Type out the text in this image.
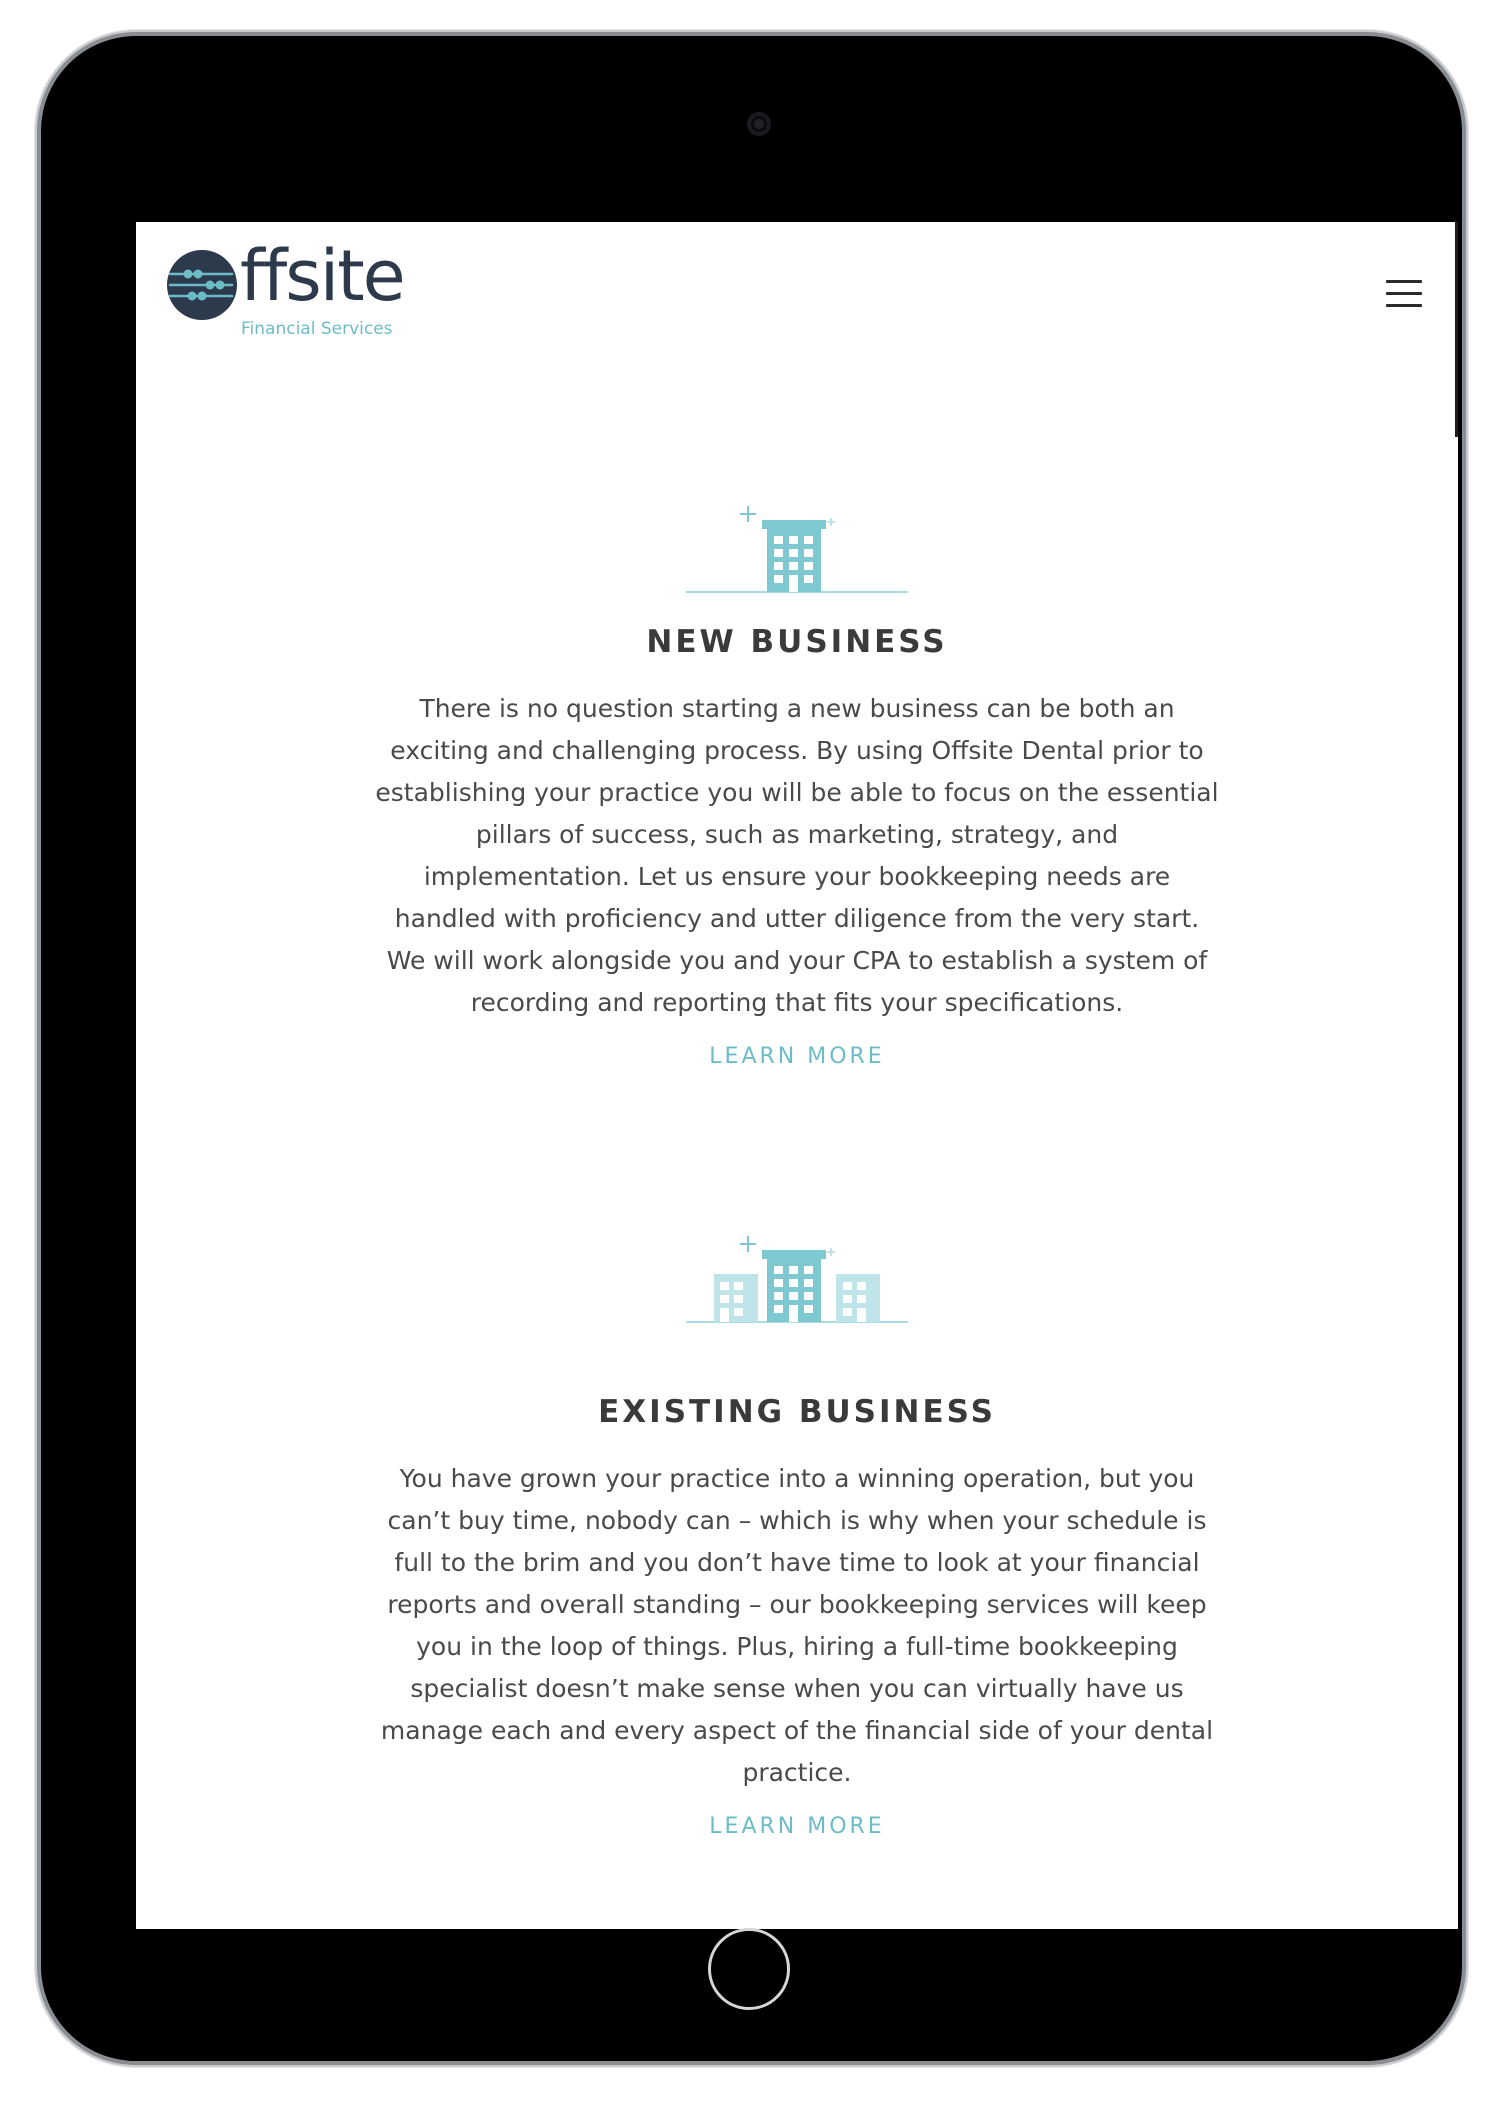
ffsite
Financial Services
NEW BUSINESS

There is no question starting a new business can be both an exciting and challenging process. By using Offsite Dental prior to establishing your practice you will be able to focus on the essential pillars of success, such as marketing, strategy, and implementation. Let us ensure your bookkeeping needs are handled with proficiency and utter diligence from the very start. We will work alongside you and your CPA to establish a system of recording and reporting that fits your specifications.

LEARN MORE
EXISTING BUSINESS

You have grown your practice into a winning operation, but you can’t buy time, nobody can – which is why when your schedule is full to the brim and you don’t have time to look at your financial reports and overall standing – our bookkeeping services will keep you in the loop of things. Plus, hiring a full-time bookkeeping specialist doesn’t make sense when you can virtually have us manage each and every aspect of the financial side of your dental practice.

LEARN MORE
